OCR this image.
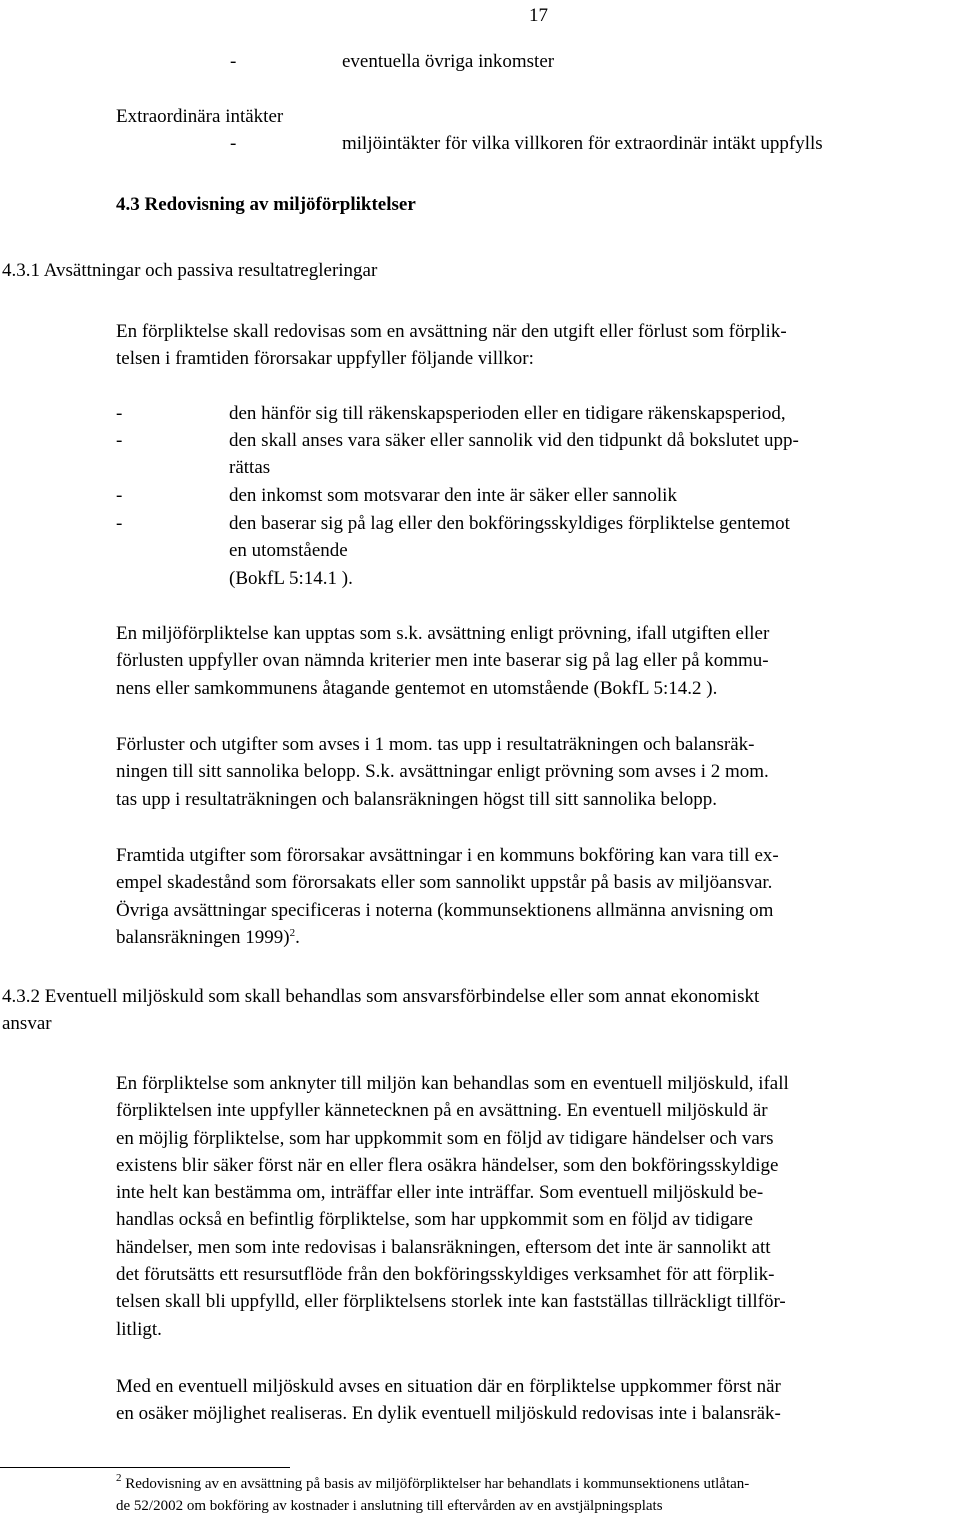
17
-	eventuella övriga inkomster
Extraordinära intäkter
-	miljöintäkter för vilka villkoren för extraordinär intäkt uppfylls
4.3 Redovisning av miljöförpliktelser
4.3.1 Avsättningar och passiva resultatregleringar
En förpliktelse skall redovisas som en avsättning när den utgift eller förlust som förplik-
telsen i framtiden förorsakar uppfyller följande villkor:
-	den hänför sig till räkenskapsperioden eller en tidigare räkenskapsperiod,
-	den skall anses vara säker eller sannolik vid den tidpunkt då bokslutet upp-
rättas
-	den inkomst som motsvarar den inte är säker eller sannolik
-	den baserar sig på lag eller den bokföringsskyldiges förpliktelse gentemot
en utomstående
(BokfL 5:14.1 ).
En miljöförpliktelse kan upptas som s.k. avsättning enligt prövning, ifall utgiften eller
förlusten uppfyller ovan nämnda kriterier men inte baserar sig på lag eller på kommu-
nens eller samkommunens åtagande gentemot en utomstående (BokfL 5:14.2 ).
Förluster och utgifter som avses i 1 mom. tas upp i resultaträkningen och balansräk-
ningen till sitt sannolika belopp. S.k. avsättningar enligt prövning som avses i 2 mom.
tas upp i resultaträkningen och balansräkningen högst till sitt sannolika belopp.
Framtida utgifter som förorsakar avsättningar i en kommuns bokföring kan vara till ex-
empel skadestånd som förorsakats eller som sannolikt uppstår på basis av miljöansvar.
Övriga avsättningar specificeras i noterna (kommunsektionens allmänna anvisning om
balansräkningen 1999)$^2$.
4.3.2 Eventuell miljöskuld som skall behandlas som ansvarsförbindelse eller som annat ekonomiskt
ansvar
En förpliktelse som anknyter till miljön kan behandlas som en eventuell miljöskuld, ifall
förpliktelsen inte uppfyller kännetecknen på en avsättning. En eventuell miljöskuld är
en möjlig förpliktelse, som har uppkommit som en följd av tidigare händelser och vars
existens blir säker först när en eller flera osäkra händelser, som den bokföringsskyldige
inte helt kan bestämma om, inträffar eller inte inträffar. Som eventuell miljöskuld be-
handlas också en befintlig förpliktelse, som har uppkommit som en följd av tidigare
händelser, men som inte redovisas i balansräkningen, eftersom det inte är sannolikt att
det förutsätts ett resursutflöde från den bokföringsskyldiges verksamhet för att förplik-
telsen skall bli uppfylld, eller förpliktelsens storlek inte kan fastställas tillräckligt tillför-
litligt.
Med en eventuell miljöskuld avses en situation där en förpliktelse uppkommer först när
en osäker möjlighet realiseras. En dylik eventuell miljöskuld redovisas inte i balansräk-
$^2$ Redovisning av en avsättning på basis av miljöförpliktelser har behandlats i kommunsektionens utlåtan-
de 52/2002 om bokföring av kostnader i anslutning till eftervården av en avstjälpningsplats
